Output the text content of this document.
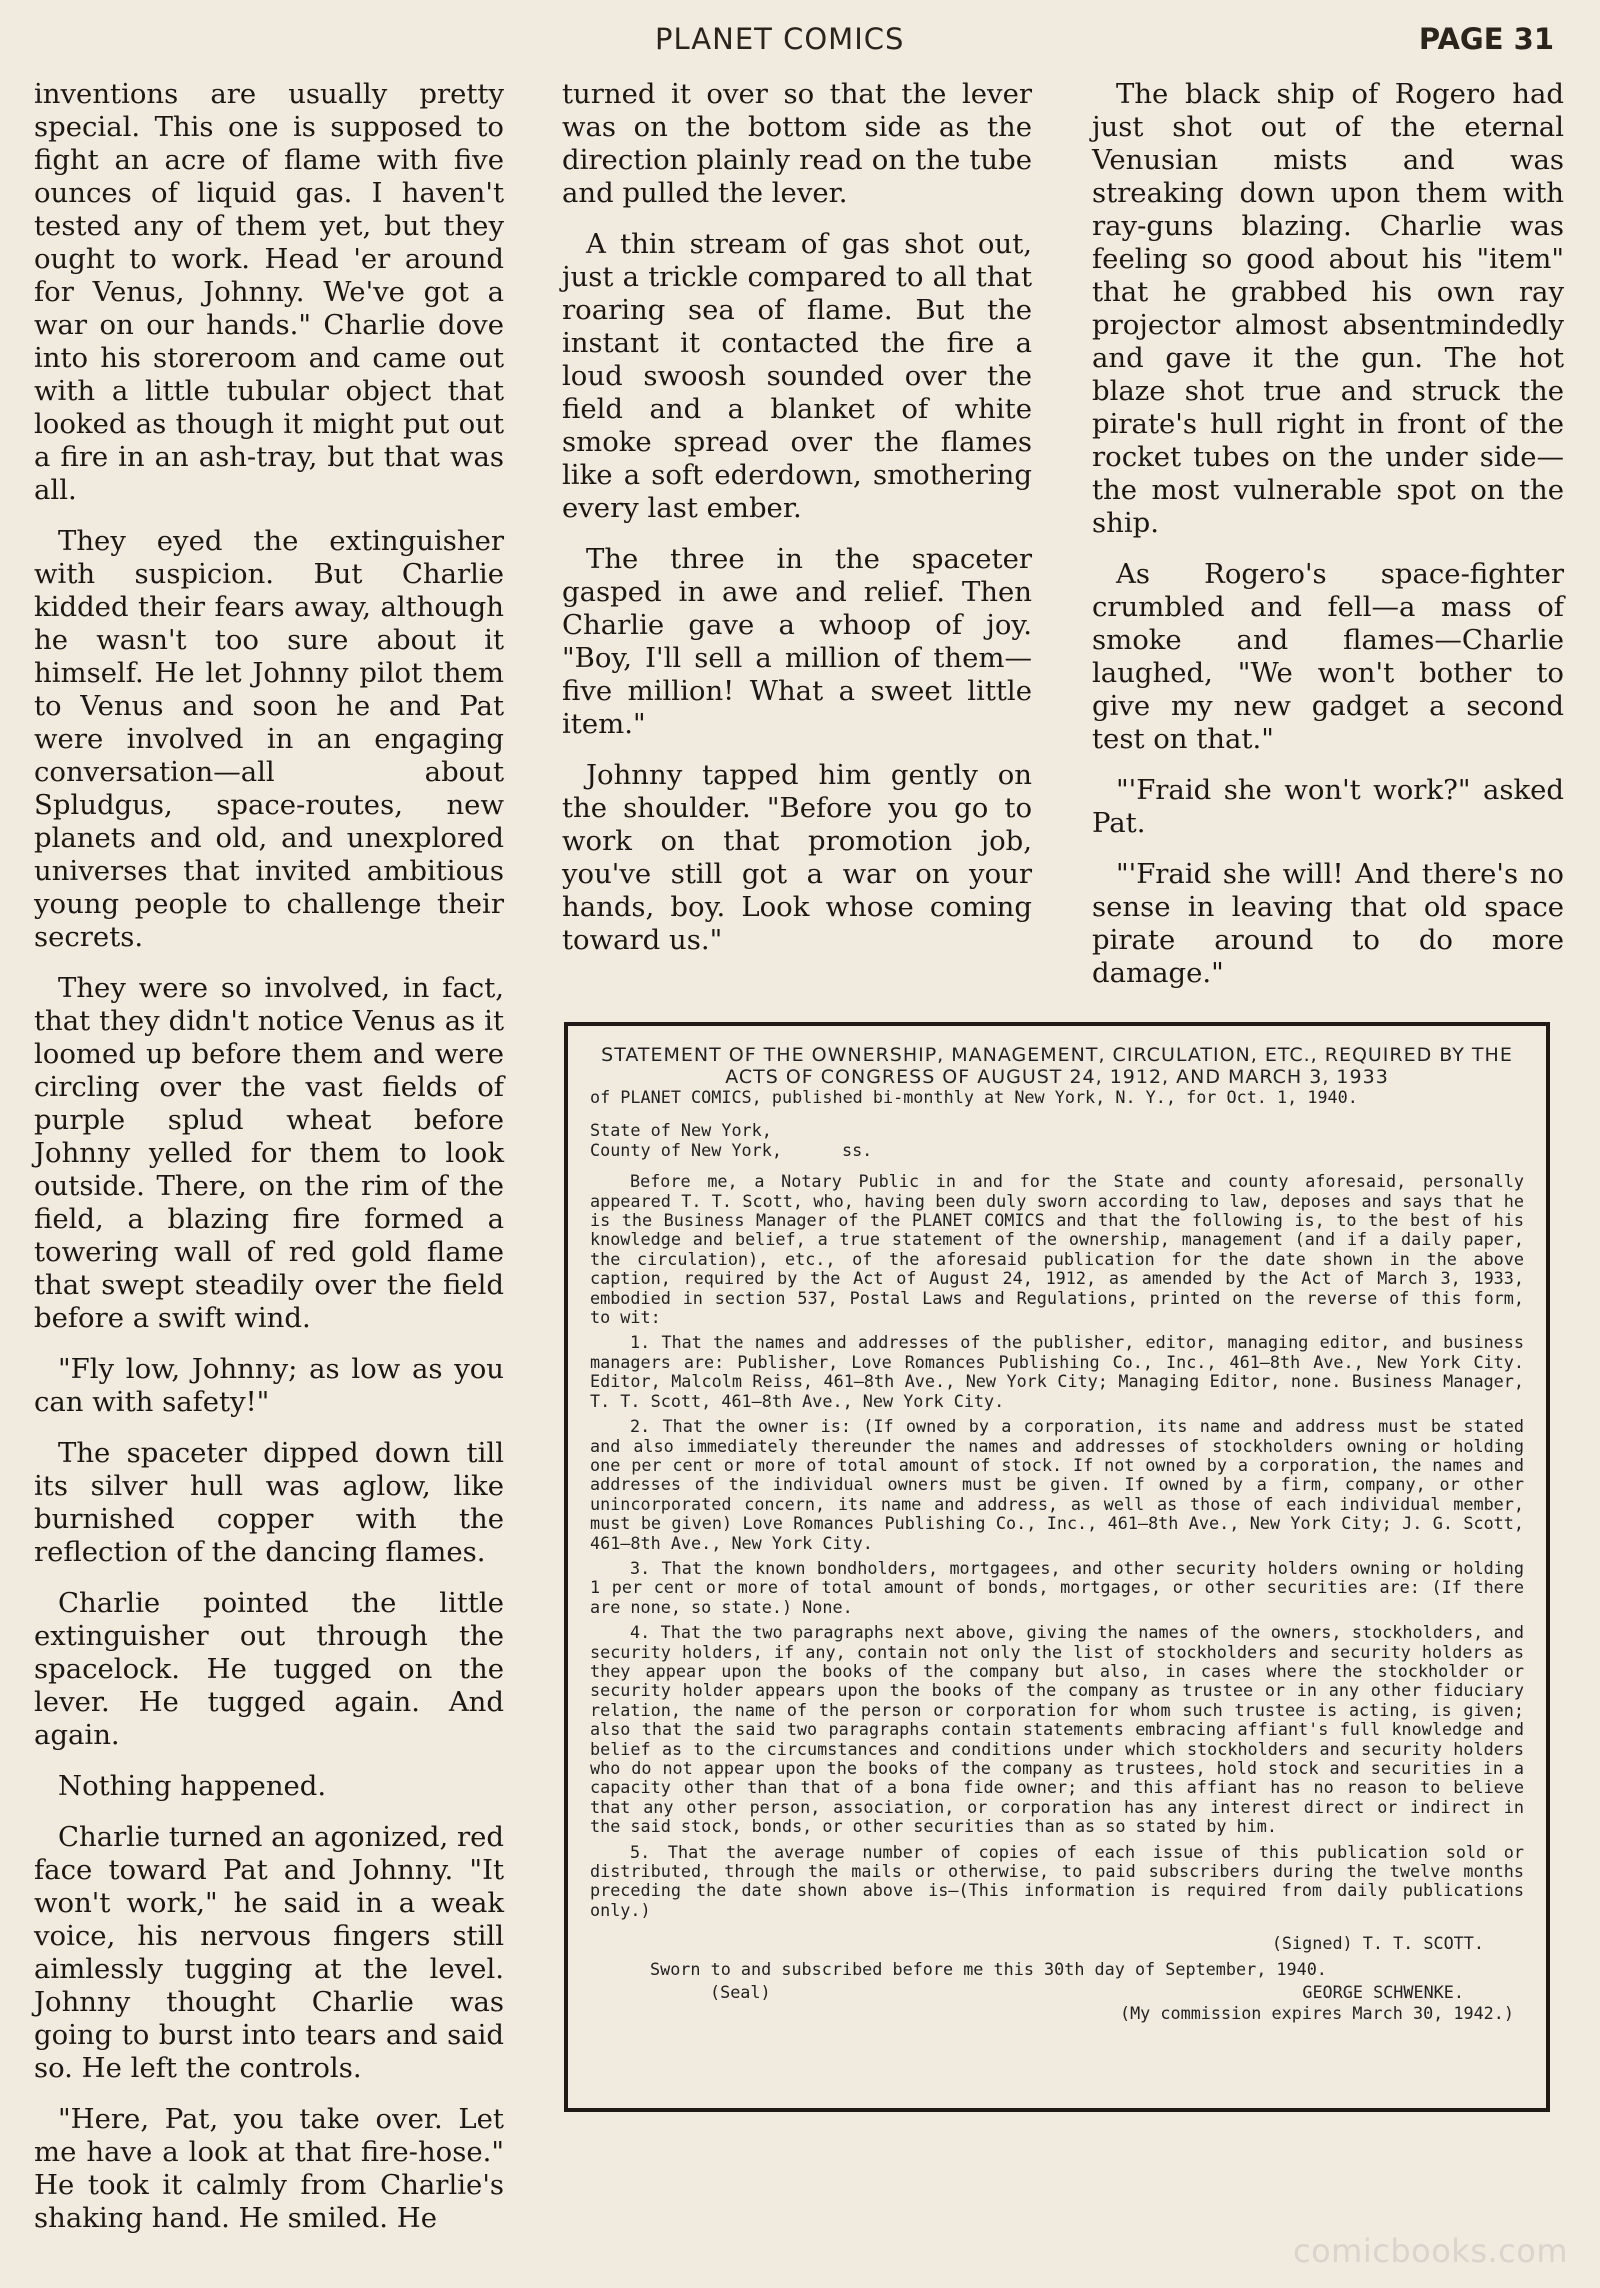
PLANET COMICS	PAGE 31

inventions are usually pretty special. This one is supposed to fight an acre of flame with five ounces of liquid gas. I haven't tested any of them yet, but they ought to work. Head 'er around for Venus, Johnny. We've got a war on our hands." Charlie dove into his storeroom and came out with a little tubular object that looked as though it might put out a fire in an ash-tray, but that was all.

They eyed the extinguisher with suspicion. But Charlie kidded their fears away, although he wasn't too sure about it himself. He let Johnny pilot them to Venus and soon he and Pat were involved in an engaging conversation—all about Spludgus, space-routes, new planets and old, and unexplored universes that invited ambitious young people to challenge their secrets.

They were so involved, in fact, that they didn't notice Venus as it loomed up before them and were circling over the vast fields of purple splud wheat before Johnny yelled for them to look outside. There, on the rim of the field, a blazing fire formed a towering wall of red gold flame that swept steadily over the field before a swift wind.

"Fly low, Johnny; as low as you can with safety!"

The spaceter dipped down till its silver hull was aglow, like burnished copper with the reflection of the dancing flames.

Charlie pointed the little extinguisher out through the spacelock. He tugged on the lever. He tugged again. And again.

Nothing happened.

Charlie turned an agonized, red face toward Pat and Johnny. "It won't work," he said in a weak voice, his nervous fingers still aimlessly tugging at the level. Johnny thought Charlie was going to burst into tears and said so. He left the controls.

"Here, Pat, you take over. Let me have a look at that fire-hose." He took it calmly from Charlie's shaking hand. He smiled. He

turned it over so that the lever was on the bottom side as the direction plainly read on the tube and pulled the lever.

A thin stream of gas shot out, just a trickle compared to all that roaring sea of flame. But the instant it contacted the fire a loud swoosh sounded over the field and a blanket of white smoke spread over the flames like a soft ederdown, smothering every last ember.

The three in the spaceter gasped in awe and relief. Then Charlie gave a whoop of joy. "Boy, I'll sell a million of them—five million! What a sweet little item."

Johnny tapped him gently on the shoulder. "Before you go to work on that promotion job, you've still got a war on your hands, boy. Look whose coming toward us."

The black ship of Rogero had just shot out of the eternal Venusian mists and was streaking down upon them with ray-guns blazing. Charlie was feeling so good about his "item" that he grabbed his own ray projector almost absentmindedly and gave it the gun. The hot blaze shot true and struck the pirate's hull right in front of the rocket tubes on the under side—the most vulnerable spot on the ship.

As Rogero's space-fighter crumbled and fell—a mass of smoke and flames—Charlie laughed, "We won't bother to give my new gadget a second test on that."

"'Fraid she won't work?" asked Pat.

"'Fraid she will! And there's no sense in leaving that old space pirate around to do more damage."

STATEMENT OF THE OWNERSHIP, MANAGEMENT, CIRCULATION, ETC., REQUIRED BY THE ACTS OF CONGRESS OF AUGUST 24, 1912, AND MARCH 3, 1933

of PLANET COMICS, published bi-monthly at New York, N. Y., for Oct. 1, 1940.

State of New York,
County of New York,	ss.

Before me, a Notary Public in and for the State and county aforesaid, personally appeared T. T. Scott, who, having been duly sworn according to law, deposes and says that he is the Business Manager of the PLANET COMICS and that the following is, to the best of his knowledge and belief, a true statement of the ownership, management (and if a daily paper, the circulation), etc., of the aforesaid publication for the date shown in the above caption, required by the Act of August 24, 1912, as amended by the Act of March 3, 1933, embodied in section 537, Postal Laws and Regulations, printed on the reverse of this form, to wit:

1. That the names and addresses of the publisher, editor, managing editor, and business managers are: Publisher, Love Romances Publishing Co., Inc., 461—8th Ave., New York City. Editor, Malcolm Reiss, 461—8th Ave., New York City; Managing Editor, none. Business Manager, T. T. Scott, 461—8th Ave., New York City.

2. That the owner is: (If owned by a corporation, its name and address must be stated and also immediately thereunder the names and addresses of stockholders owning or holding one per cent or more of total amount of stock. If not owned by a corporation, the names and addresses of the individual owners must be given. If owned by a firm, company, or other unincorporated concern, its name and address, as well as those of each individual member, must be given) Love Romances Publishing Co., Inc., 461—8th Ave., New York City; J. G. Scott, 461—8th Ave., New York City.

3. That the known bondholders, mortgagees, and other security holders owning or holding 1 per cent or more of total amount of bonds, mortgages, or other securities are: (If there are none, so state.) None.

4. That the two paragraphs next above, giving the names of the owners, stockholders, and security holders, if any, contain not only the list of stockholders and security holders as they appear upon the books of the company but also, in cases where the stockholder or security holder appears upon the books of the company as trustee or in any other fiduciary relation, the name of the person or corporation for whom such trustee is acting, is given; also that the said two paragraphs contain statements embracing affiant's full knowledge and belief as to the circumstances and conditions under which stockholders and security holders who do not appear upon the books of the company as trustees, hold stock and securities in a capacity other than that of a bona fide owner; and this affiant has no reason to believe that any other person, association, or corporation has any interest direct or indirect in the said stock, bonds, or other securities than as so stated by him.

5. That the average number of copies of each issue of this publication sold or distributed, through the mails or otherwise, to paid subscribers during the twelve months preceding the date shown above is—(This information is required from daily publications only.)

(Signed) T. T. SCOTT.
Sworn to and subscribed before me this 30th day of September, 1940.
(Seal)	GEORGE SCHWENKE.
(My commission expires March 30, 1942.)
comicbooks.com
